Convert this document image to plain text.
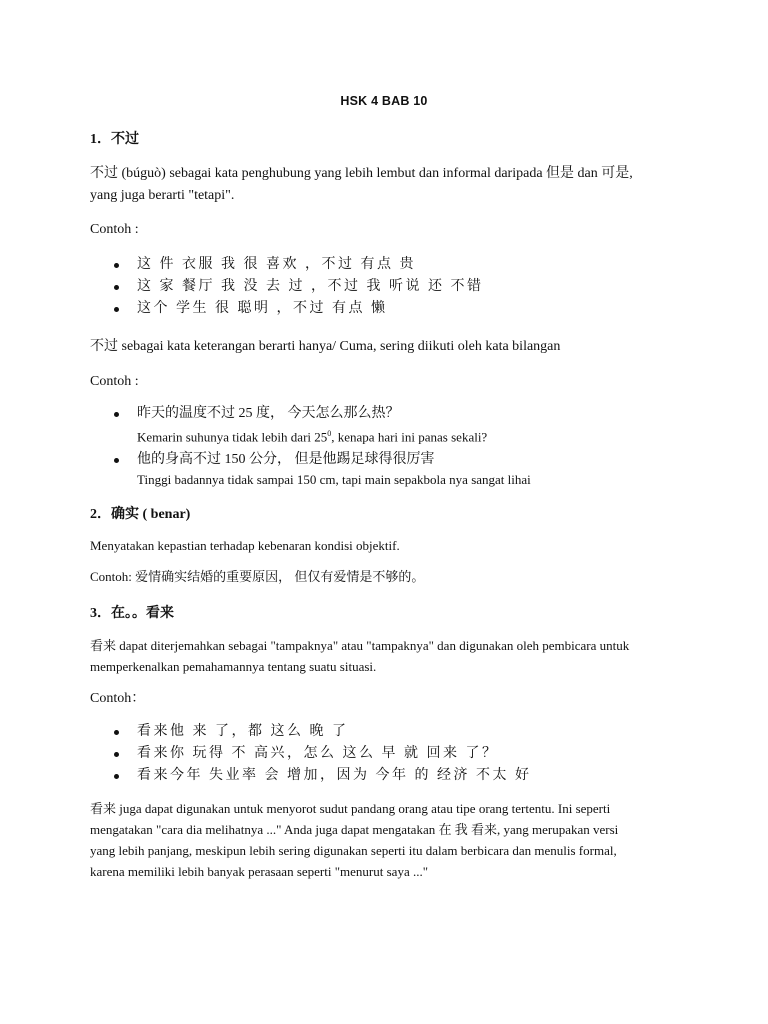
HSK 4 BAB 10
1．不过
不过 (búguò) sebagai kata penghubung yang lebih lembut dan informal daripada 但是 dan 可是,
yang juga berarti "tetapi".
Contoh :
这 件 衣服 我 很 喜欢 ，不过 有点 贵
这 家 餐厅 我 没 去 过 ，不过 我 听说 还 不错
这个 学生 很 聪明 ，不过 有点 懒
不过 sebagai kata keterangan berarti hanya/ Cuma, sering diikuti oleh kata bilangan
Contoh :
昨天的温度不过 25 度， 今天怎么那么热？
Kemarin suhunya tidak lebih dari $25^0$, kenapa hari ini panas sekali?
他的身高不过 150 公分， 但是他踢足球得很厉害
Tinggi badannya tidak sampai 150 cm, tapi main sepakbola nya sangat lihai
2．确实 ( benar)
Menyatakan kepastian terhadap kebenaran kondisi objektif.
Contoh: 爱情确实结婚的重要原因， 但仅有爱情是不够的。
3．在。。看来
看来 dapat diterjemahkan sebagai "tampaknya" atau "tampaknya" dan digunakan oleh pembicara untuk
memperkenalkan pemahamannya tentang suatu situasi.
Contoh：
看来他 来 了，都 这么 晚 了
看来你 玩得 不 高兴，怎么 这么 早 就 回来 了？
看来今年 失业率 会 增加，因为 今年 的 经济 不太 好
看来 juga dapat digunakan untuk menyorot sudut pandang orang atau tipe orang tertentu. Ini seperti
mengatakan "cara dia melihatnya ..." Anda juga dapat mengatakan 在 我 看来, yang merupakan versi
yang lebih panjang, meskipun lebih sering digunakan seperti itu dalam berbicara dan menulis formal,
karena memiliki lebih banyak perasaan seperti "menurut saya ..."
